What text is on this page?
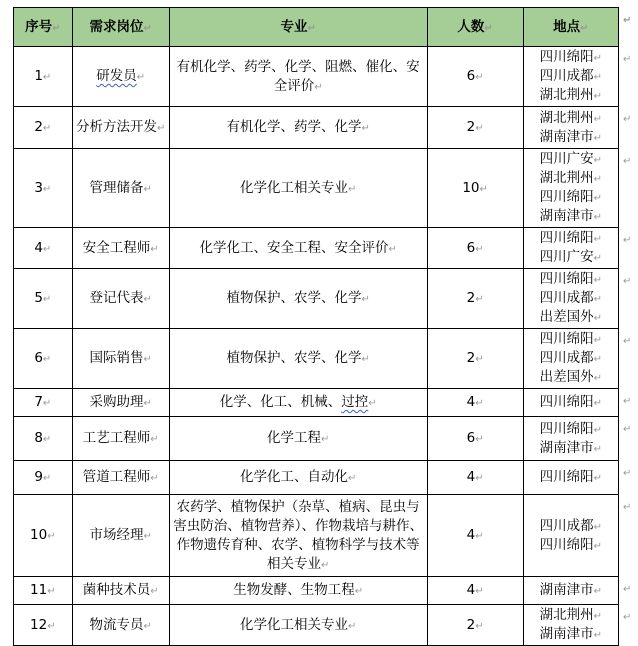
序号↵	需求岗位↵	专业↵	人数↵	地点↵	↵
1↵	研发员↵	有机化学、药学、化学、阻燃、催化、安全评价↵	6↵	四川绵阳↵
四川成都↵
湖北荆州↵	↵
2↵	分析方法开发↵	有机化学、药学、化学↵	2↵	湖北荆州↵
湖南津市↵	↵
3↵	管理储备↵	化学化工相关专业↵	10↵	四川广安↵
湖北荆州↵
四川绵阳↵
湖南津市↵	↵
4↵	安全工程师↵	化学化工、安全工程、安全评价↵	6↵	四川绵阳↵
四川广安↵	↵
5↵	登记代表↵	植物保护、农学、化学↵	2↵	四川绵阳↵
四川成都↵
出差国外↵	↵
6↵	国际销售↵	植物保护、农学、化学↵	2↵	四川绵阳↵
四川成都↵
出差国外↵	↵
7↵	采购助理↵	化学、化工、机械、过控↵	4↵	四川绵阳↵	↵
8↵	工艺工程师↵	化学工程↵	6↵	四川绵阳↵
湖南津市↵	↵
9↵	管道工程师↵	化学化工、自动化↵	4↵	四川绵阳↵	↵
10↵	市场经理↵	农药学、植物保护（杂草、植病、昆虫与害虫防治、植物营养）、作物栽培与耕作、作物遗传育种、农学、植物科学与技术等相关专业↵	4↵	四川成都↵
四川绵阳↵	↵
11↵	菌种技术员↵	生物发酵、生物工程↵	4↵	湖南津市↵	↵
12↵	物流专员↵	化学化工相关专业↵	2↵	湖北荆州↵
湖南津市↵	↵
